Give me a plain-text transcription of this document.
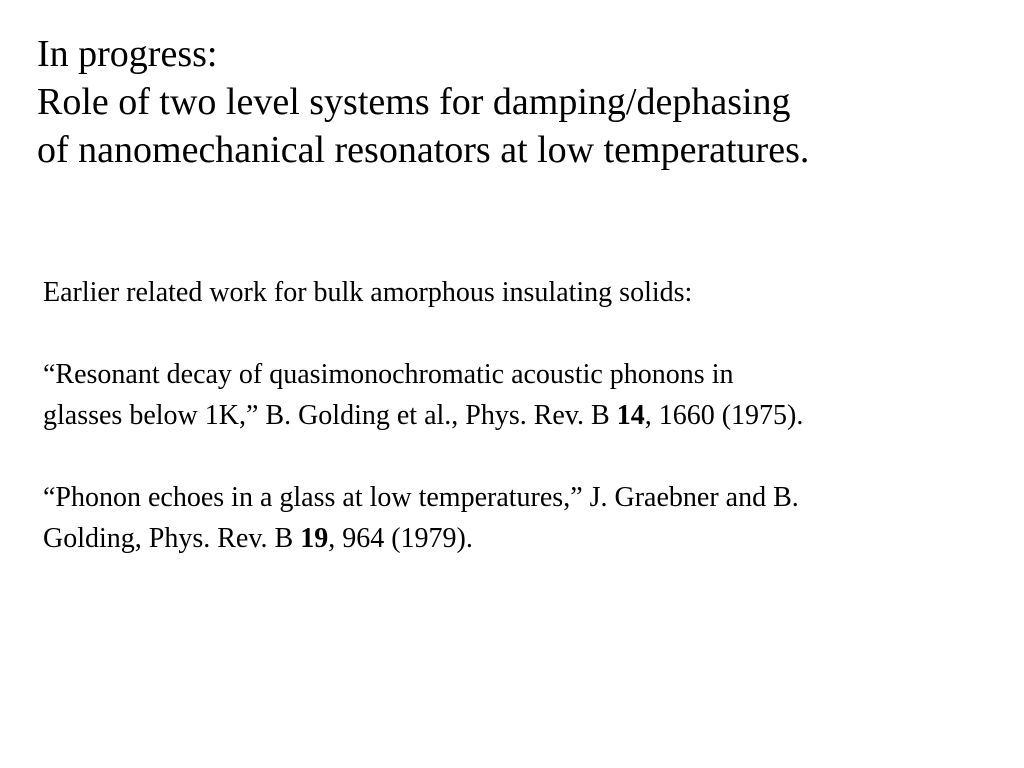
In progress:
Role of two level systems for damping/dephasing
of nanomechanical resonators at low temperatures.
Earlier related work for bulk amorphous insulating solids:
“Resonant decay of quasimonochromatic acoustic phonons in
glasses below 1K,” B. Golding et al., Phys. Rev. B 14, 1660 (1975).
“Phonon echoes in a glass at low temperatures,” J. Graebner and B.
Golding, Phys. Rev. B 19, 964 (1979).
